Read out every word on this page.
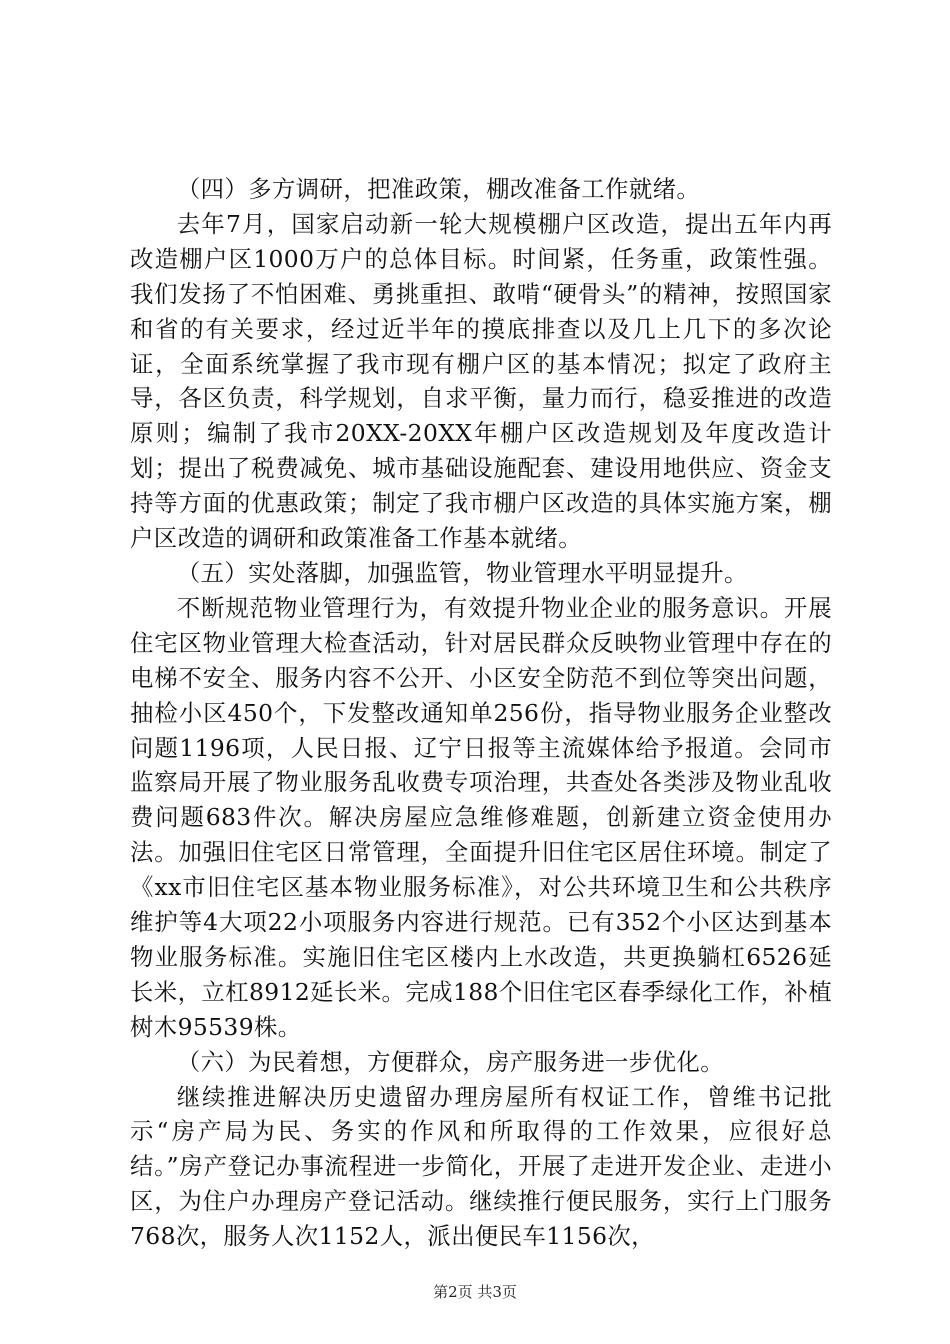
（四）多方调研，把准政策，棚改准备工作就绪。

去年7月，国家启动新一轮大规模棚户区改造，提出五年内再改造棚户区1000万户的总体目标。时间紧，任务重，政策性强。我们发扬了不怕困难、勇挑重担、敢啃“硬骨头”的精神，按照国家和省的有关要求，经过近半年的摸底排查以及几上几下的多次论证，全面系统掌握了我市现有棚户区的基本情况；拟定了政府主导，各区负责，科学规划，自求平衡，量力而行，稳妥推进的改造原则；编制了我市20XX-20XX年棚户区改造规划及年度改造计划；提出了税费减免、城市基础设施配套、建设用地供应、资金支持等方面的优惠政策；制定了我市棚户区改造的具体实施方案，棚户区改造的调研和政策准备工作基本就绪。

（五）实处落脚，加强监管，物业管理水平明显提升。

不断规范物业管理行为，有效提升物业企业的服务意识。开展住宅区物业管理大检查活动，针对居民群众反映物业管理中存在的电梯不安全、服务内容不公开、小区安全防范不到位等突出问题，抽检小区450个，下发整改通知单256份，指导物业服务企业整改问题1196项，人民日报、辽宁日报等主流媒体给予报道。会同市监察局开展了物业服务乱收费专项治理，共查处各类涉及物业乱收费问题683件次。解决房屋应急维修难题，创新建立资金使用办法。加强旧住宅区日常管理，全面提升旧住宅区居住环境。制定了《xx市旧住宅区基本物业服务标准》，对公共环境卫生和公共秩序维护等4大项22小项服务内容进行规范。已有352个小区达到基本物业服务标准。实施旧住宅区楼内上水改造，共更换躺杠6526延长米，立杠8912延长米。完成188个旧住宅区春季绿化工作，补植树木95539株。

（六）为民着想，方便群众，房产服务进一步优化。

继续推进解决历史遗留办理房屋所有权证工作，曾维书记批示“房产局为民、务实的作风和所取得的工作效果，应很好总结。”房产登记办事流程进一步简化，开展了走进开发企业、走进小区，为住户办理房产登记活动。继续推行便民服务，实行上门服务768次，服务人次1152人，派出便民车1156次，

第2页 共3页
